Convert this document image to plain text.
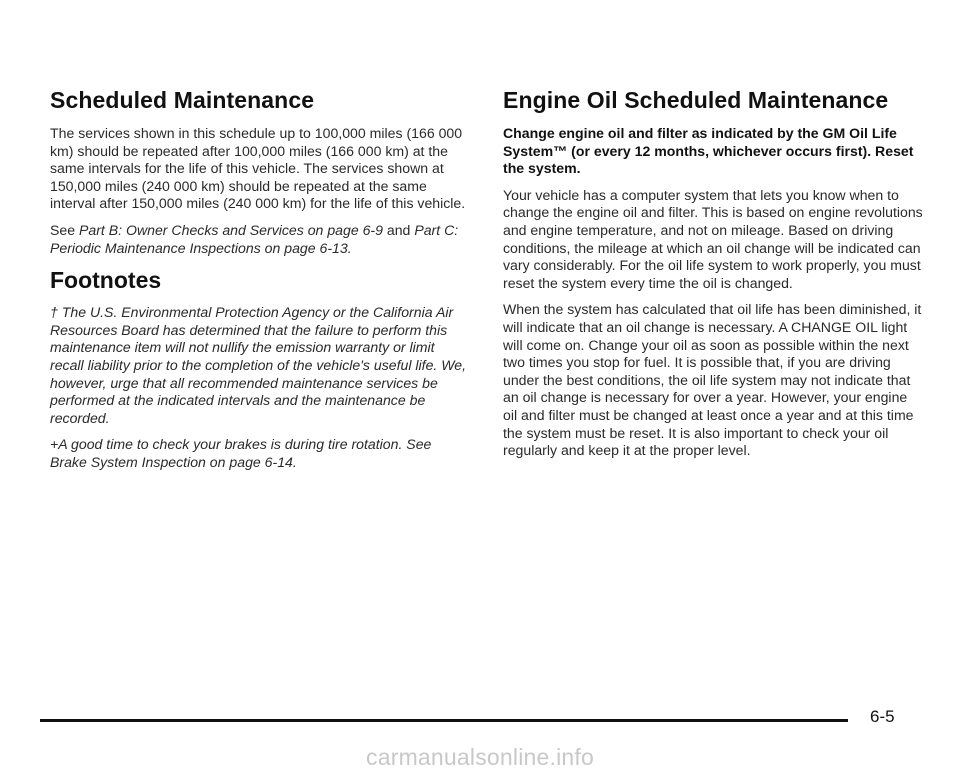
Scheduled Maintenance

The services shown in this schedule up to 100,000 miles (166 000 km) should be repeated after 100,000 miles (166 000 km) at the same intervals for the life of this vehicle. The services shown at 150,000 miles (240 000 km) should be repeated at the same interval after 150,000 miles (240 000 km) for the life of this vehicle.

See Part B: Owner Checks and Services on page 6-9 and Part C: Periodic Maintenance Inspections on page 6-13.

Footnotes

† The U.S. Environmental Protection Agency or the California Air Resources Board has determined that the failure to perform this maintenance item will not nullify the emission warranty or limit recall liability prior to the completion of the vehicle's useful life. We, however, urge that all recommended maintenance services be performed at the indicated intervals and the maintenance be recorded.

+A good time to check your brakes is during tire rotation. See Brake System Inspection on page 6-14.

Engine Oil Scheduled Maintenance

Change engine oil and filter as indicated by the GM Oil Life System™ (or every 12 months, whichever occurs first). Reset the system.

Your vehicle has a computer system that lets you know when to change the engine oil and filter. This is based on engine revolutions and engine temperature, and not on mileage. Based on driving conditions, the mileage at which an oil change will be indicated can vary considerably. For the oil life system to work properly, you must reset the system every time the oil is changed.

When the system has calculated that oil life has been diminished, it will indicate that an oil change is necessary. A CHANGE OIL light will come on. Change your oil as soon as possible within the next two times you stop for fuel. It is possible that, if you are driving under the best conditions, the oil life system may not indicate that an oil change is necessary for over a year. However, your engine oil and filter must be changed at least once a year and at this time the system must be reset. It is also important to check your oil regularly and keep it at the proper level.

6-5
carmanualsonline.info
